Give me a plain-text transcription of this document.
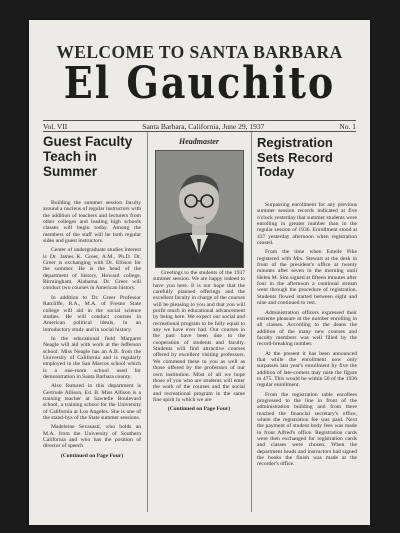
WELCOME TO SANTA BARBARA
El Gauchito
Vol. VII	Santa Barbara, California, June 29, 1937	No. 1
Guest Faculty Teach in Summer

Building the summer session faculty around a nucleus of regular instructors with the addition of teachers and lecturers from other colleges and leading high schools classes will begin today. Among the members of the staff will be both regular sides and guest instructors.

Center of undergraduate studies interest is Dr. James K. Greer, A.M., Ph.D. Dr. Greer is exchanging with Dr. Ellison for the summer. He is the head of the department of history, Howard college, Birmingham, Alabama. Dr. Greer will conduct two courses in American history.

In addition to Dr. Greer Professor Ratcliffe, B.A., M.A. of Fresno State college will aid in the social science studies. He will conduct courses in American political ideals, in an introductory study and in social history.

In the educational field Margaret Neagle will aid with work at the Jefferson school. Miss Neagle has an A.B. from the University of California and is regularly employed in the San Marcos school which is a one-room school used for demonstration in Santa Barbara county.

Also featured in this department is Gertrude Allison, Ed. B. Miss Allison is a training teacher at Sawtelle Boulevard school, a training school for the University of California at Los Angeles. She is one of the stand-bys of the State summer sessions.

Madeleine Sevasasti, who holds an M.A. from the University of Southern California and who has the position of director of speech

(Continued on Page Four)

Headmaster

Greetings to the students of the 1937 summer session. We are happy indeed to have you here. It is our hope that the carefully planned offerings and the excellent faculty in charge of the courses will be pleasing to you and that you will profit much in educational advancement by being here. We expect our social and recreational program to be fully equal to any we have ever had. Our courses in the past have been due to the cooperation of students and faculty. Students will find attractive courses offered by excellent visiting professors. We commend these to you as well as those offered by the professors of our own institution. Most of all we hope those of you who are students will enter the work of the courses and the social and recreational program in the same fine spirit in which we are

(Continued on Page Four)

Registration Sets Record Today

Surpassing enrollment for any previous summer session records indicated at five o'clock yesterday that summer students were enrolling in greater number than in the regular session of 1936. Enrollment stood at 437 yesterday afternoon when registration ceased.

From the time when Estelle Pike registered with Mrs. Stewart at the desk in front of the president's office at twenty minutes after seven in the morning until Helen M. Sim signed at fifteen minutes after four in the afternoon a continual stream went through the procedure of registration. Students flowed started between eight and nine and continued to rest.

Administration officers expressed their extreme pleasure at the number enrolling in all classes. According to the deans the addition of the many new courses and faculty members was well filled by the record-breaking number.

At the present it has been announced that while the enrollment now only surpasses last year's enrollment by five the addition of late-comers may raise the figure to 475. This would be within 50 of the 1936 regular enrollment.

From the registration table enrollees progressed to the line in front of the administration building and from there reached the financial secretary's office, where the registration fee was paid. Next the payment of student body fees was made in front Alfred's office. Registration cards were then exchanged for registration cards and classes were chosen. When the department heads and instructors had signed the books the finish was made at the recorder's office.
